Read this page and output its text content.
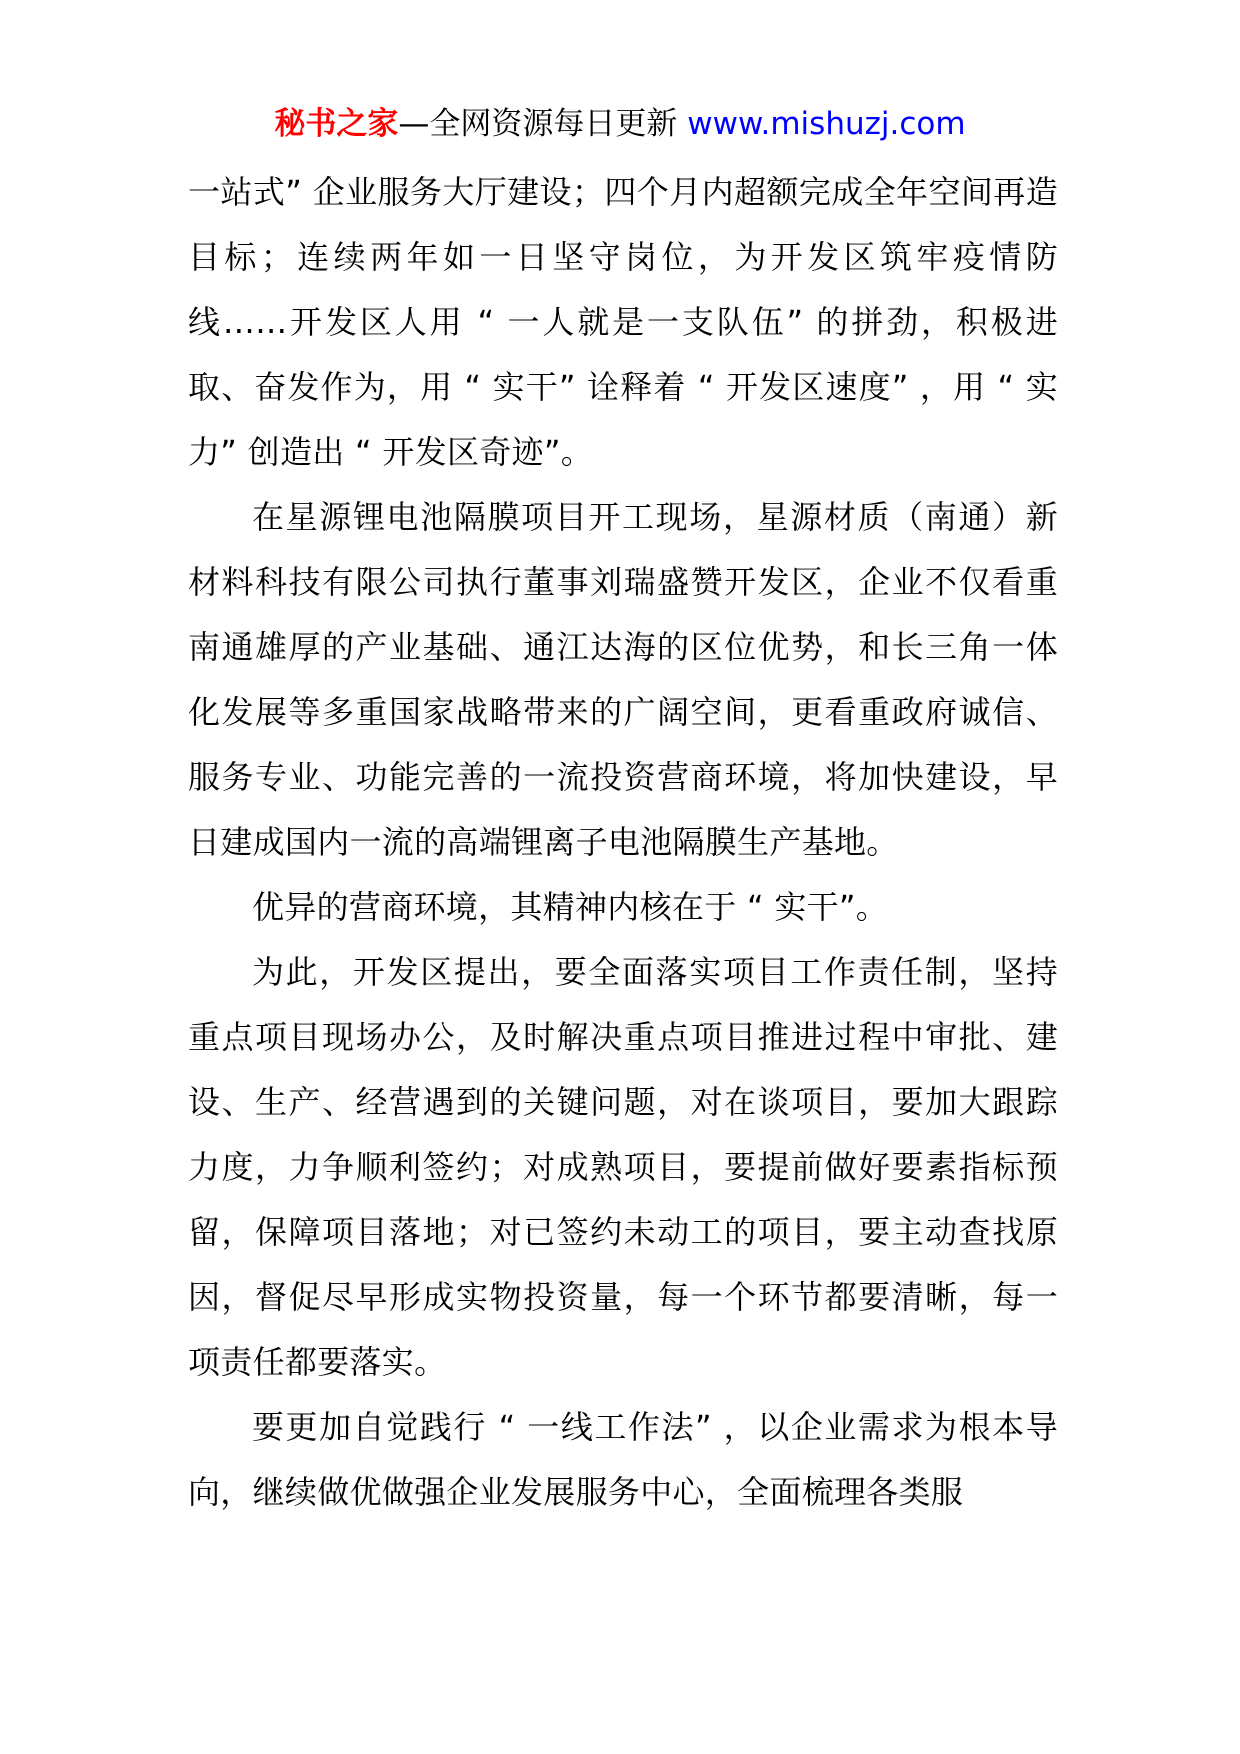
秘书之家—全网资源每日更新 www.mishuzj.com

一站式” 企业服务大厅建设；四个月内超额完成全年空间再造目标；连续两年如一日坚守岗位，为开发区筑牢疫情防线……开发区人用 “ 一人就是一支队伍” 的拼劲，积极进取、奋发作为，用 “ 实干” 诠释着 “ 开发区速度” ，用 “ 实力” 创造出 “ 开发区奇迹”。

在星源锂电池隔膜项目开工现场，星源材质（南通）新材料科技有限公司执行董事刘瑞盛赞开发区，企业不仅看重南通雄厚的产业基础、通江达海的区位优势，和长三角一体化发展等多重国家战略带来的广阔空间，更看重政府诚信、服务专业、功能完善的一流投资营商环境，将加快建设，早日建成国内一流的高端锂离子电池隔膜生产基地。

优异的营商环境，其精神内核在于 “ 实干”。

为此，开发区提出，要全面落实项目工作责任制，坚持重点项目现场办公，及时解决重点项目推进过程中审批、建设、生产、经营遇到的关键问题，对在谈项目，要加大跟踪力度，力争顺利签约；对成熟项目，要提前做好要素指标预留，保障项目落地；对已签约未动工的项目，要主动查找原因，督促尽早形成实物投资量，每一个环节都要清晰，每一项责任都要落实。

要更加自觉践行 “ 一线工作法” ，以企业需求为根本导向，继续做优做强企业发展服务中心，全面梳理各类服
